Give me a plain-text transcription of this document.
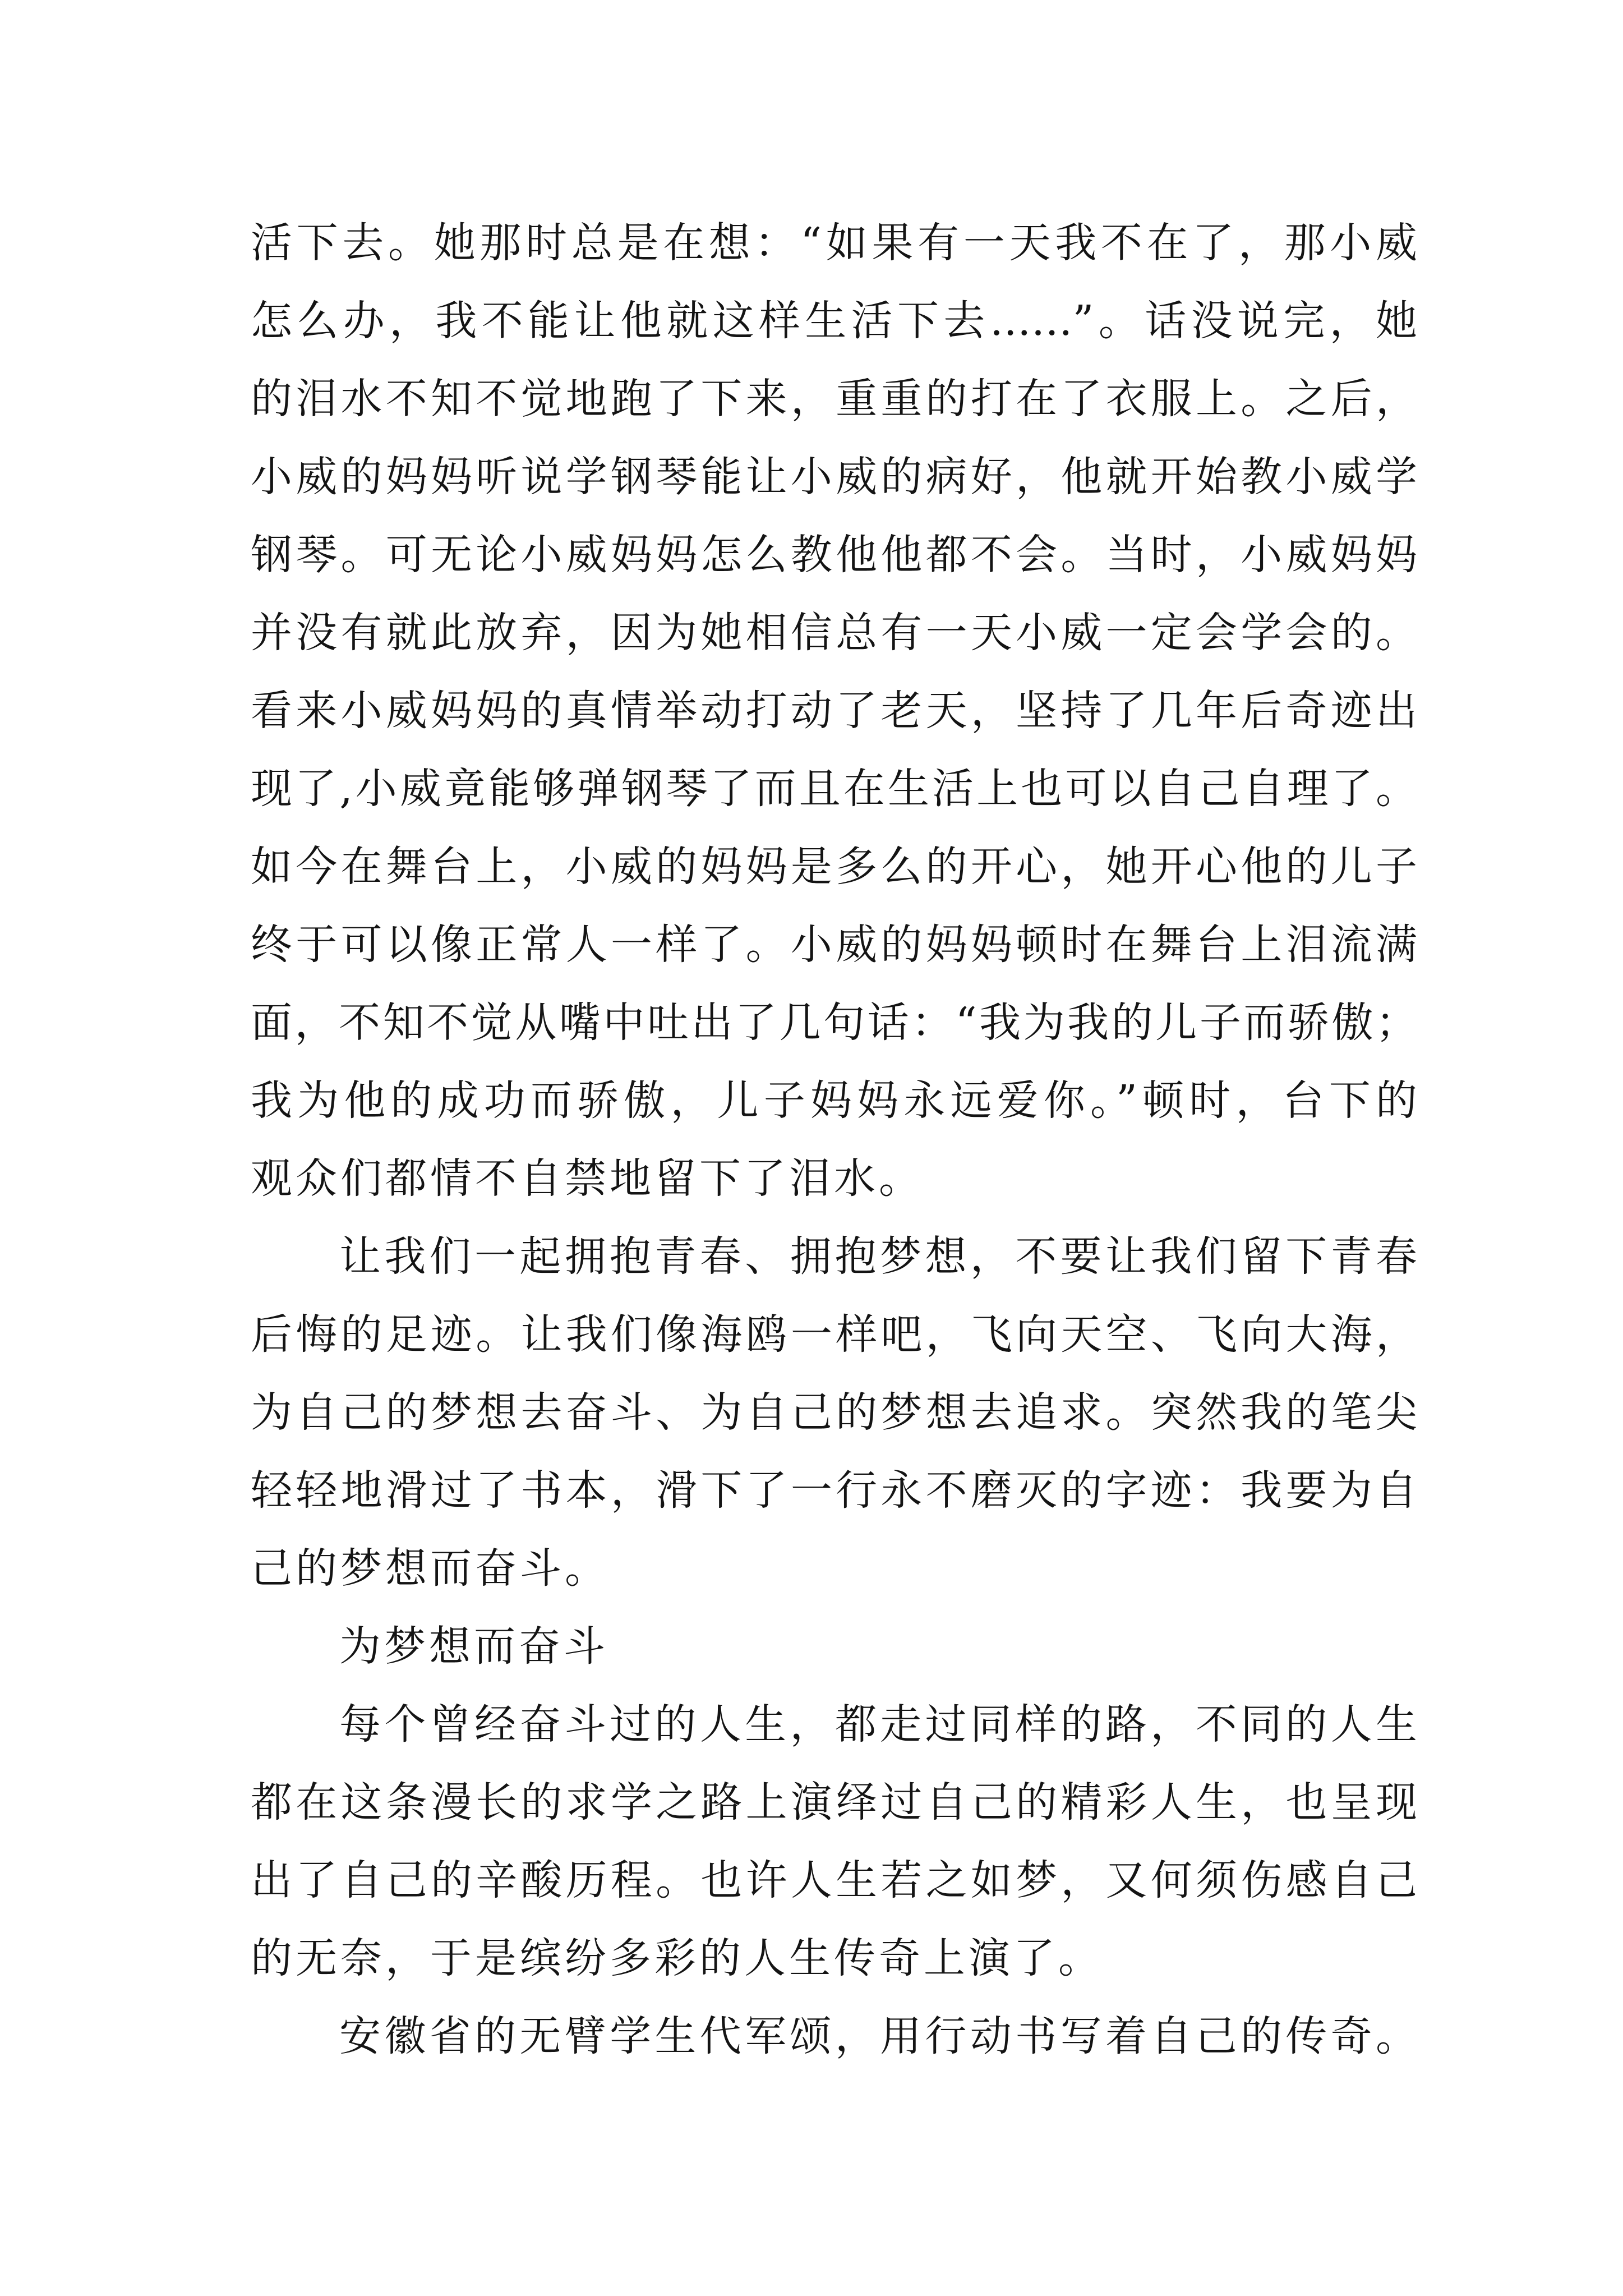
活下去。她那时总是在想：“如果有一天我不在了，那小威
怎么办，我不能让他就这样生活下去……”。话没说完，她
的泪水不知不觉地跑了下来，重重的打在了衣服上。之后，
小威的妈妈听说学钢琴能让小威的病好，他就开始教小威学
钢琴。可无论小威妈妈怎么教他他都不会。当时，小威妈妈
并没有就此放弃，因为她相信总有一天小威一定会学会的。
看来小威妈妈的真情举动打动了老天，坚持了几年后奇迹出
现了,小威竟能够弹钢琴了而且在生活上也可以自己自理了。
如今在舞台上，小威的妈妈是多么的开心，她开心他的儿子
终于可以像正常人一样了。小威的妈妈顿时在舞台上泪流满
面，不知不觉从嘴中吐出了几句话：“我为我的儿子而骄傲；
我为他的成功而骄傲，儿子妈妈永远爱你。”顿时，台下的
观众们都情不自禁地留下了泪水。
让我们一起拥抱青春、拥抱梦想，不要让我们留下青春
后悔的足迹。让我们像海鸥一样吧，飞向天空、飞向大海，
为自己的梦想去奋斗、为自己的梦想去追求。突然我的笔尖
轻轻地滑过了书本，滑下了一行永不磨灭的字迹：我要为自
己的梦想而奋斗。
为梦想而奋斗
每个曾经奋斗过的人生，都走过同样的路，不同的人生
都在这条漫长的求学之路上演绎过自己的精彩人生，也呈现
出了自己的辛酸历程。也许人生若之如梦，又何须伤感自己
的无奈，于是缤纷多彩的人生传奇上演了。
安徽省的无臂学生代军颂，用行动书写着自己的传奇。
